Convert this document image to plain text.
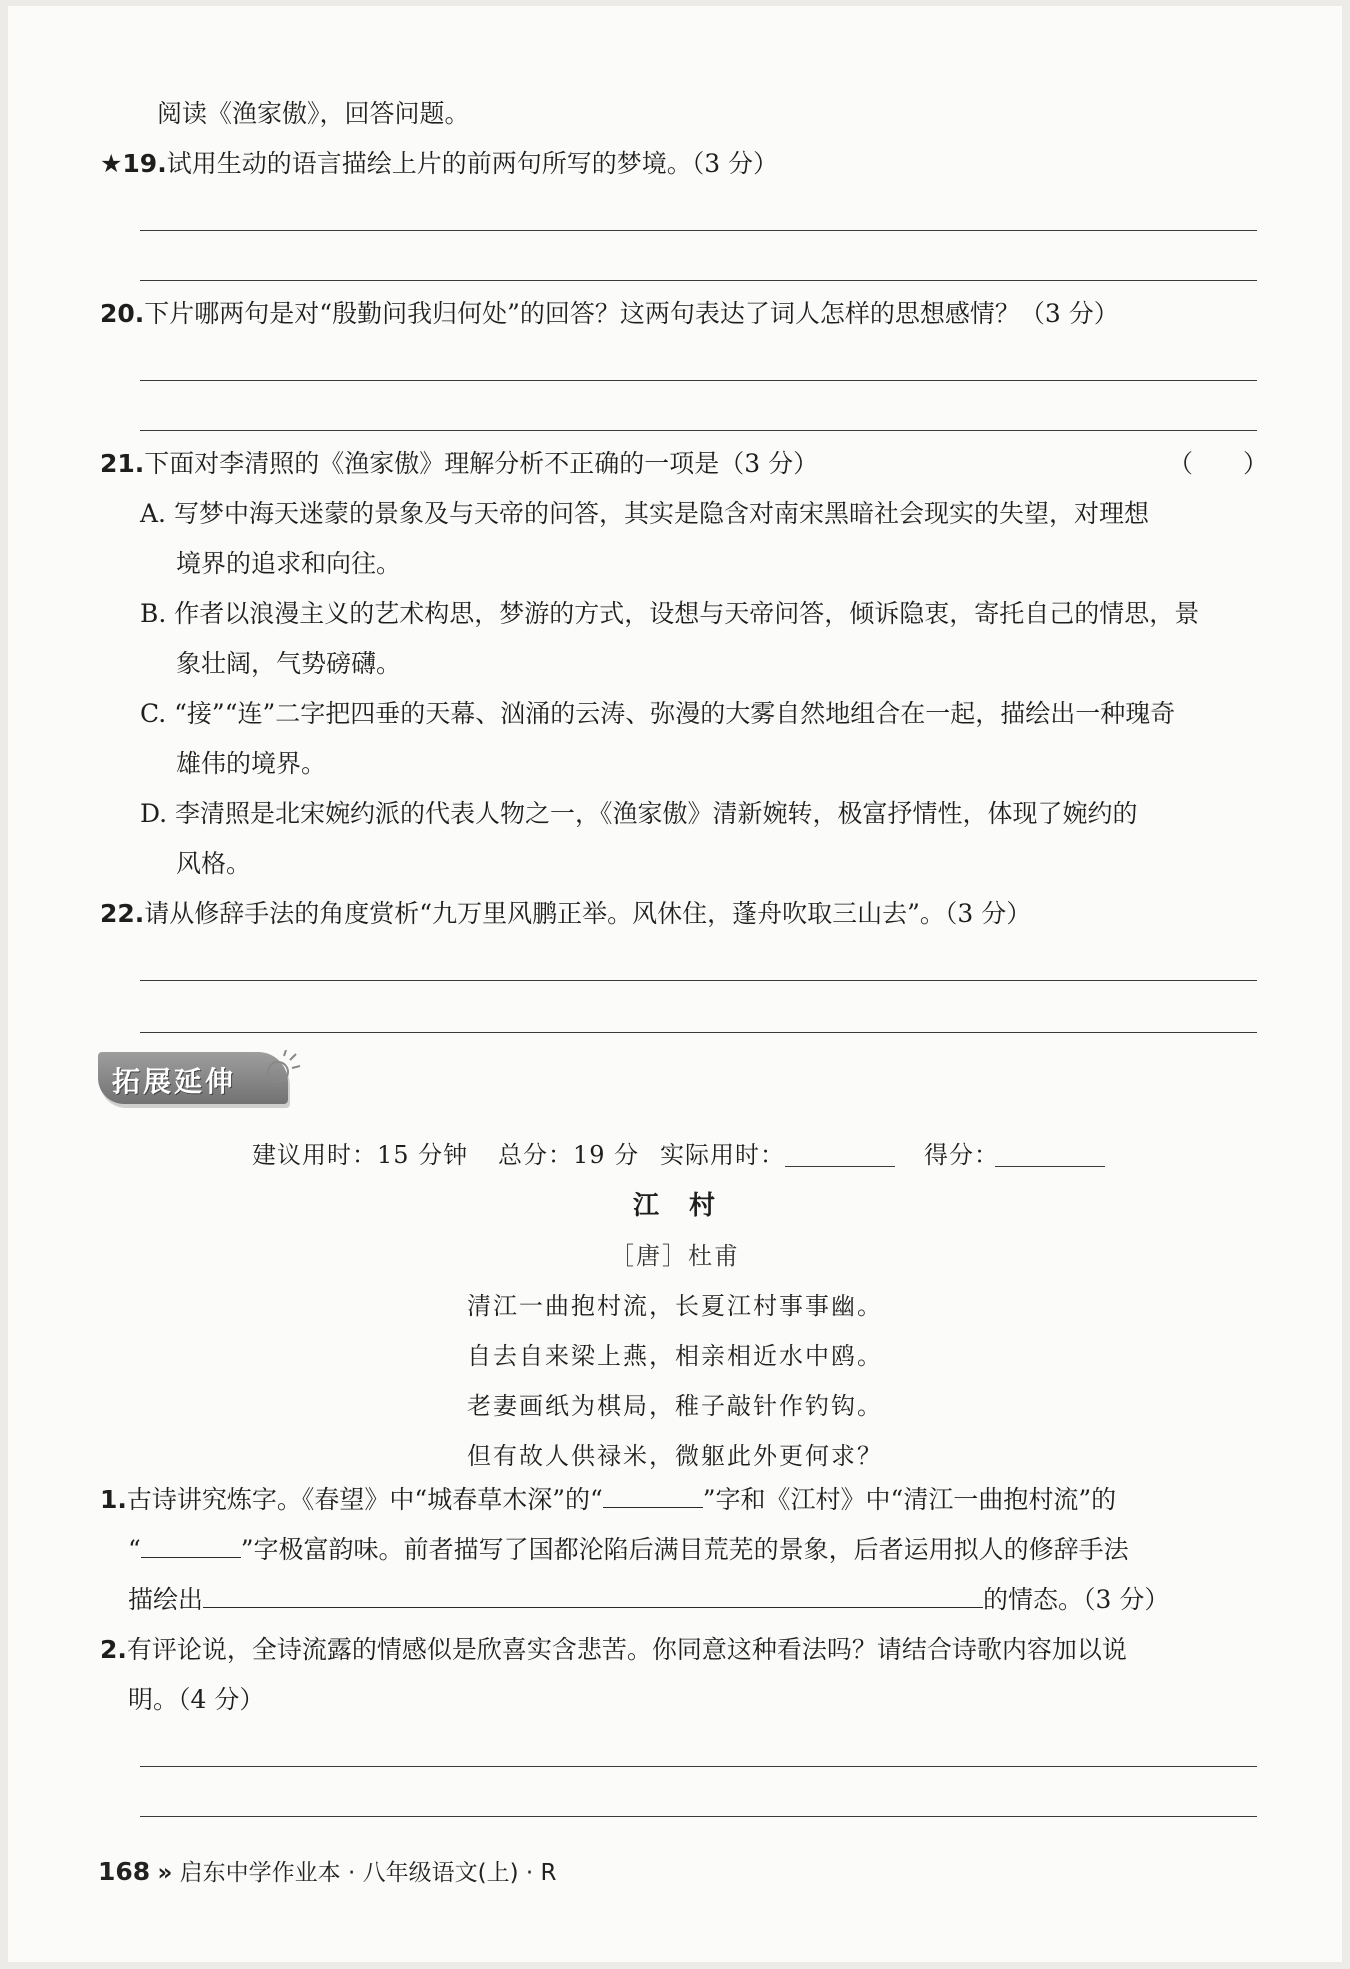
阅读《渔家傲》，回答问题。
★19.试用生动的语言描绘上片的前两句所写的梦境。（3 分）
20.下片哪两句是对“殷勤问我归何处”的回答？这两句表达了词人怎样的思想感情？（3 分）
21.下面对李清照的《渔家傲》理解分析不正确的一项是（3 分）	（　　）
A. 写梦中海天迷蒙的景象及与天帝的问答，其实是隐含对南宋黑暗社会现实的失望，对理想
境界的追求和向往。
B. 作者以浪漫主义的艺术构思，梦游的方式，设想与天帝问答，倾诉隐衷，寄托自己的情思，景
象壮阔，气势磅礴。
C. “接”“连”二字把四垂的天幕、汹涌的云涛、弥漫的大雾自然地组合在一起，描绘出一种瑰奇
雄伟的境界。
D. 李清照是北宋婉约派的代表人物之一，《渔家傲》清新婉转，极富抒情性，体现了婉约的
风格。
22.请从修辞手法的角度赏析“九万里风鹏正举。风休住，蓬舟吹取三山去”。（3 分）
拓展延伸
建议用时：15 分钟 总分：19 分 实际用时：	得分：
江　村
［唐］杜甫
清江一曲抱村流，长夏江村事事幽。
自去自来梁上燕，相亲相近水中鸥。
老妻画纸为棋局，稚子敲针作钓钩。
但有故人供禄米，微躯此外更何求？
1.古诗讲究炼字。《春望》中“城春草木深”的“	”字和《江村》中“清江一曲抱村流”的
“	”字极富韵味。前者描写了国都沦陷后满目荒芜的景象，后者运用拟人的修辞手法
描绘出	的情态。（3 分）
2.有评论说，全诗流露的情感似是欣喜实含悲苦。你同意这种看法吗？请结合诗歌内容加以说
明。（4 分）
168 » 启东中学作业本 · 八年级语文(上) · R
